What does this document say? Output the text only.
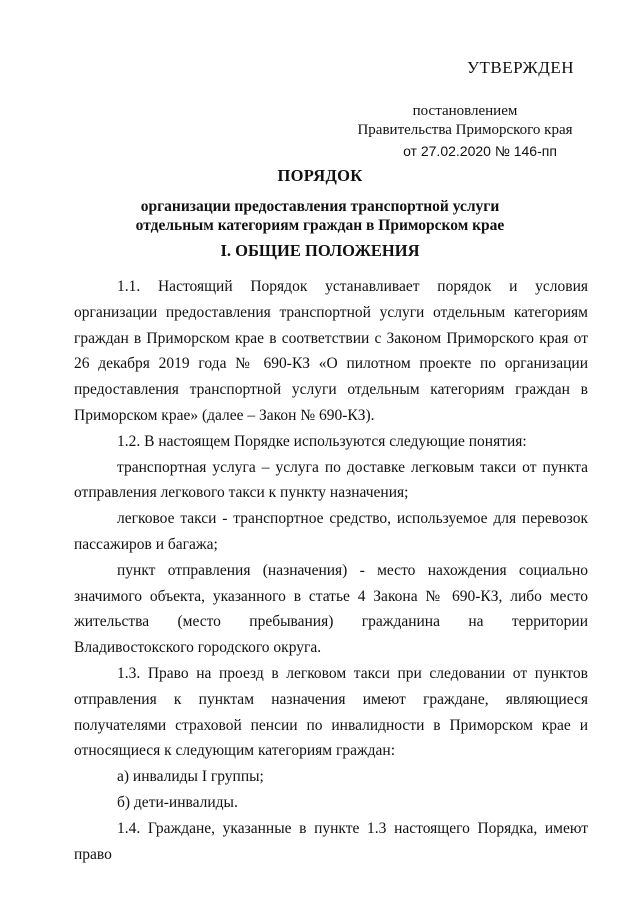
УТВЕРЖДЕН
постановлением
Правительства Приморского края
от 27.02.2020 № 146-пп
ПОРЯДОК
организации предоставления транспортной услуги
отдельным категориям граждан в Приморском крае
I. ОБЩИЕ ПОЛОЖЕНИЯ

1.1. Настоящий Порядок устанавливает порядок и условия организации предоставления транспортной услуги отдельным категориям граждан в Приморском крае в соответствии с Законом Приморского края от 26 декабря 2019 года № 690-КЗ «О пилотном проекте по организации предоставления транспортной услуги отдельным категориям граждан в Приморском крае» (далее – Закон № 690-КЗ).

1.2. В настоящем Порядке используются следующие понятия:

транспортная услуга – услуга по доставке легковым такси от пункта отправления легкового такси к пункту назначения;

легковое такси - транспортное средство, используемое для перевозок пассажиров и багажа;

пункт отправления (назначения) - место нахождения социально значимого объекта, указанного в статье 4 Закона № 690-КЗ, либо место жительства (место пребывания) гражданина на территории Владивостокского городского округа.

1.3. Право на проезд в легковом такси при следовании от пунктов отправления к пунктам назначения имеют граждане, являющиеся получателями страховой пенсии по инвалидности в Приморском крае и относящиеся к следующим категориям граждан:

а) инвалиды I группы;

б) дети-инвалиды.

1.4. Граждане, указанные в пункте 1.3 настоящего Порядка, имеют право
